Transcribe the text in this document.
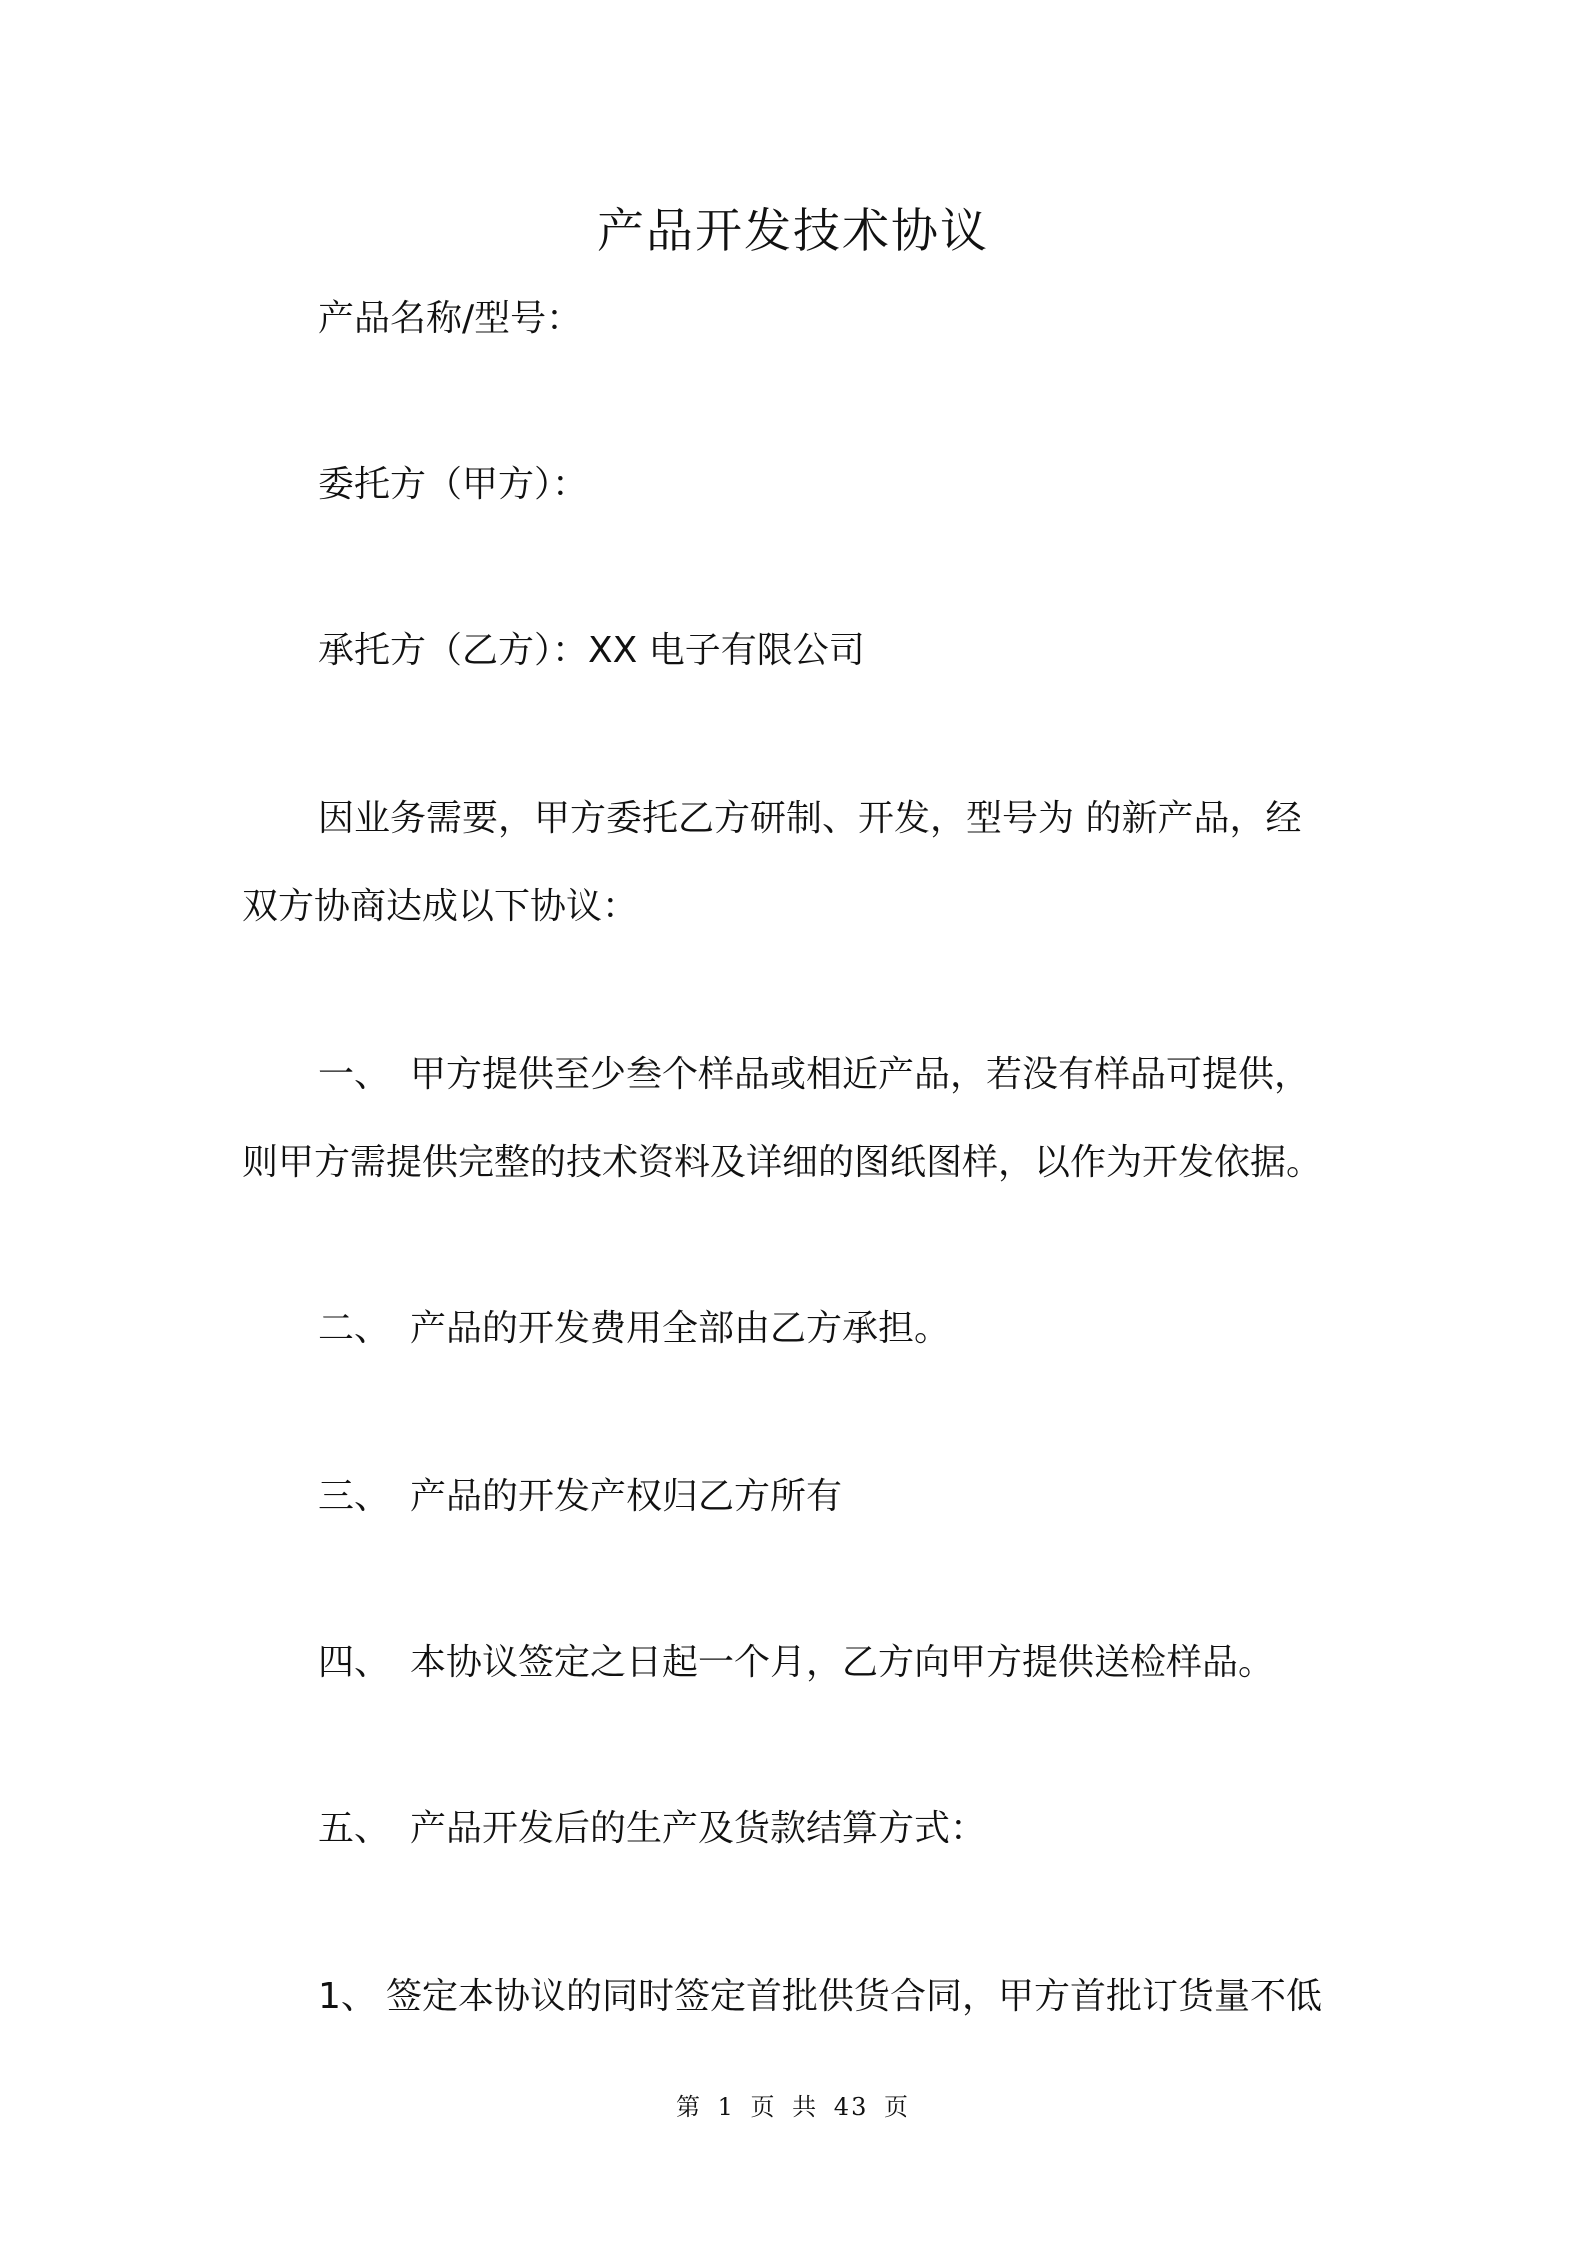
产品开发技术协议

产品名称/型号：

委托方（甲方）：

承托方（乙方）：XX 电子有限公司

因业务需要，甲方委托乙方研制、开发，型号为 的新产品，经

双方协商达成以下协议：

一、 甲方提供至少叁个样品或相近产品，若没有样品可提供，

则甲方需提供完整的技术资料及详细的图纸图样，以作为开发依据。

二、 产品的开发费用全部由乙方承担。

三、 产品的开发产权归乙方所有

四、 本协议签定之日起一个月，乙方向甲方提供送检样品。

五、 产品开发后的生产及货款结算方式：

1、 签定本协议的同时签定首批供货合同，甲方首批订货量不低

第 1 页 共 43 页
